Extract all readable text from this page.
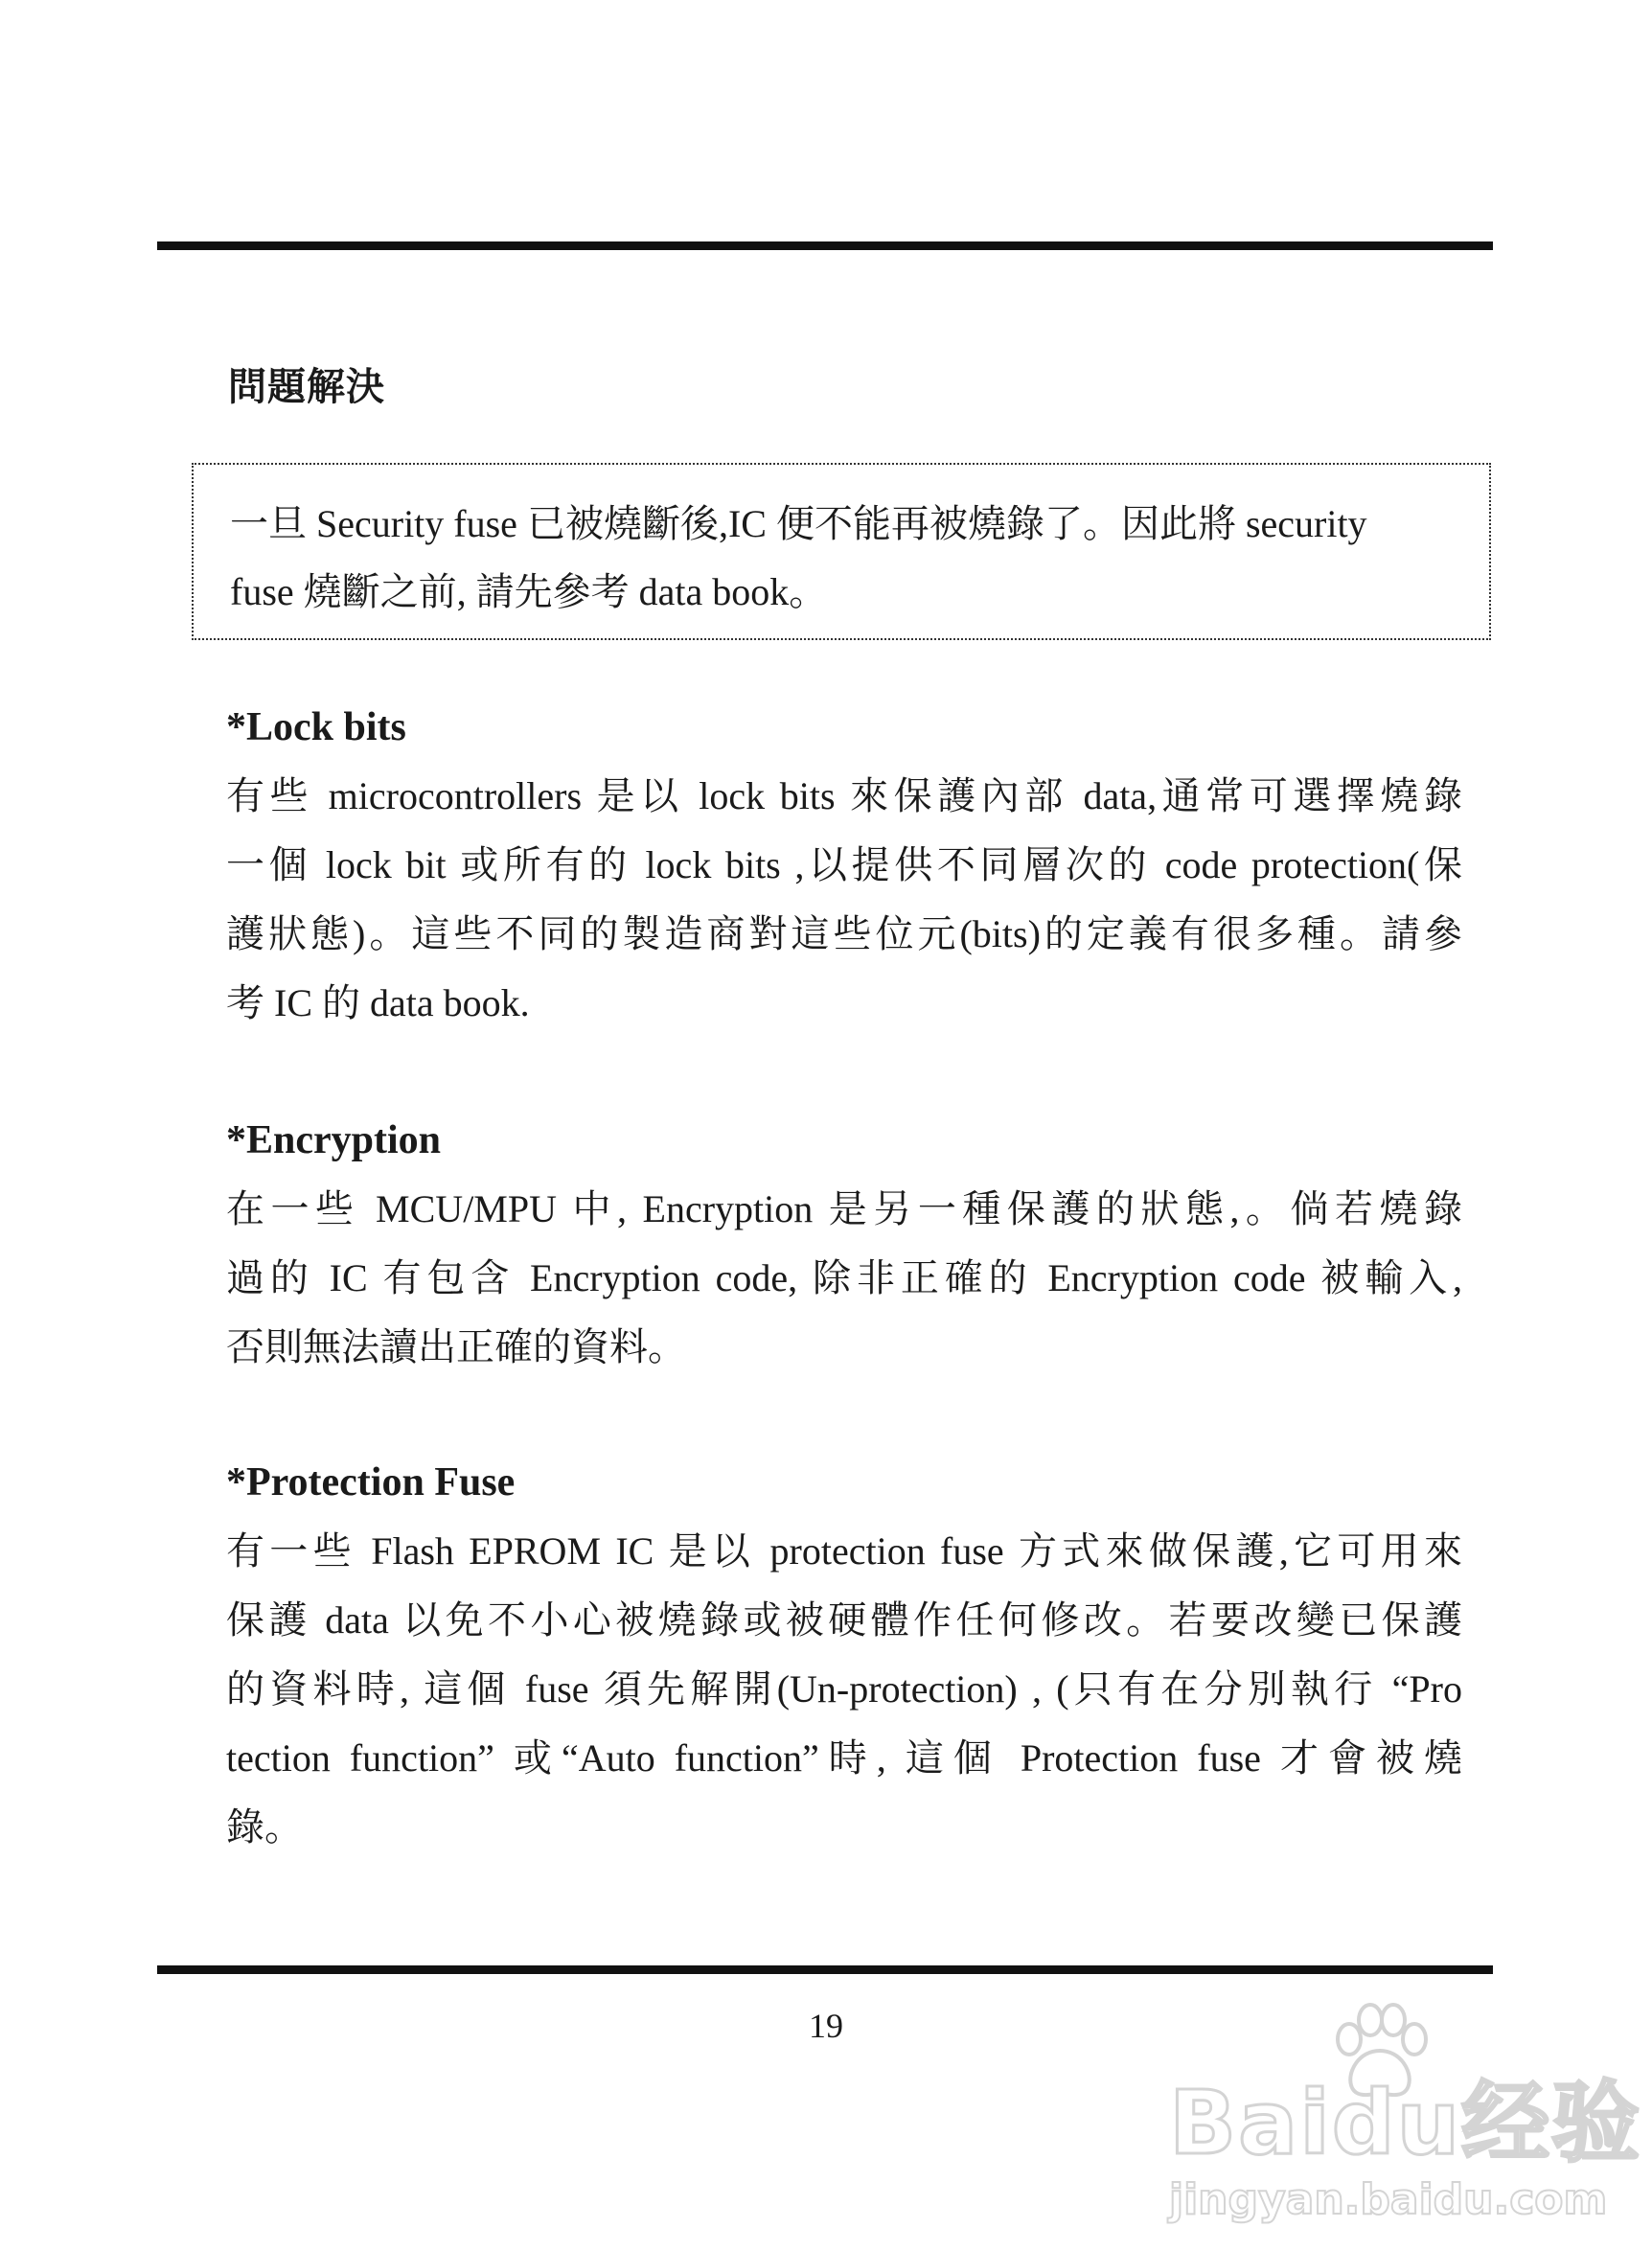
問題解決
一旦 Security fuse 已被燒斷後,IC 便不能再被燒錄了。因此將 security
fuse 燒斷之前, 請先參考 data book。
*Lock bits
有些 microcontrollers 是以 lock bits 來保護內部 data,通常可選擇燒錄
一個 lock bit 或所有的 lock bits ,以提供不同層次的 code protection(保
護狀態)。這些不同的製造商對這些位元(bits)的定義有很多種。請參
考 IC 的 data book.
*Encryption
在一些 MCU/MPU 中, Encryption 是另一種保護的狀態,。倘若燒錄
過的 IC 有包含 Encryption code, 除非正確的 Encryption code 被輸入,
否則無法讀出正確的資料。
*Protection Fuse
有一些 Flash EPROM IC 是以 protection fuse 方式來做保護,它可用來
保護 data 以免不小心被燒錄或被硬體作任何修改。若要改變已保護
的資料時, 這個 fuse 須先解開(Un-protection) , (只有在分別執行 “Pro
tection function” 或“Auto function”時, 這個 Protection fuse 才會被燒
錄。
19
Baidu经验
jingyan.baidu.com
